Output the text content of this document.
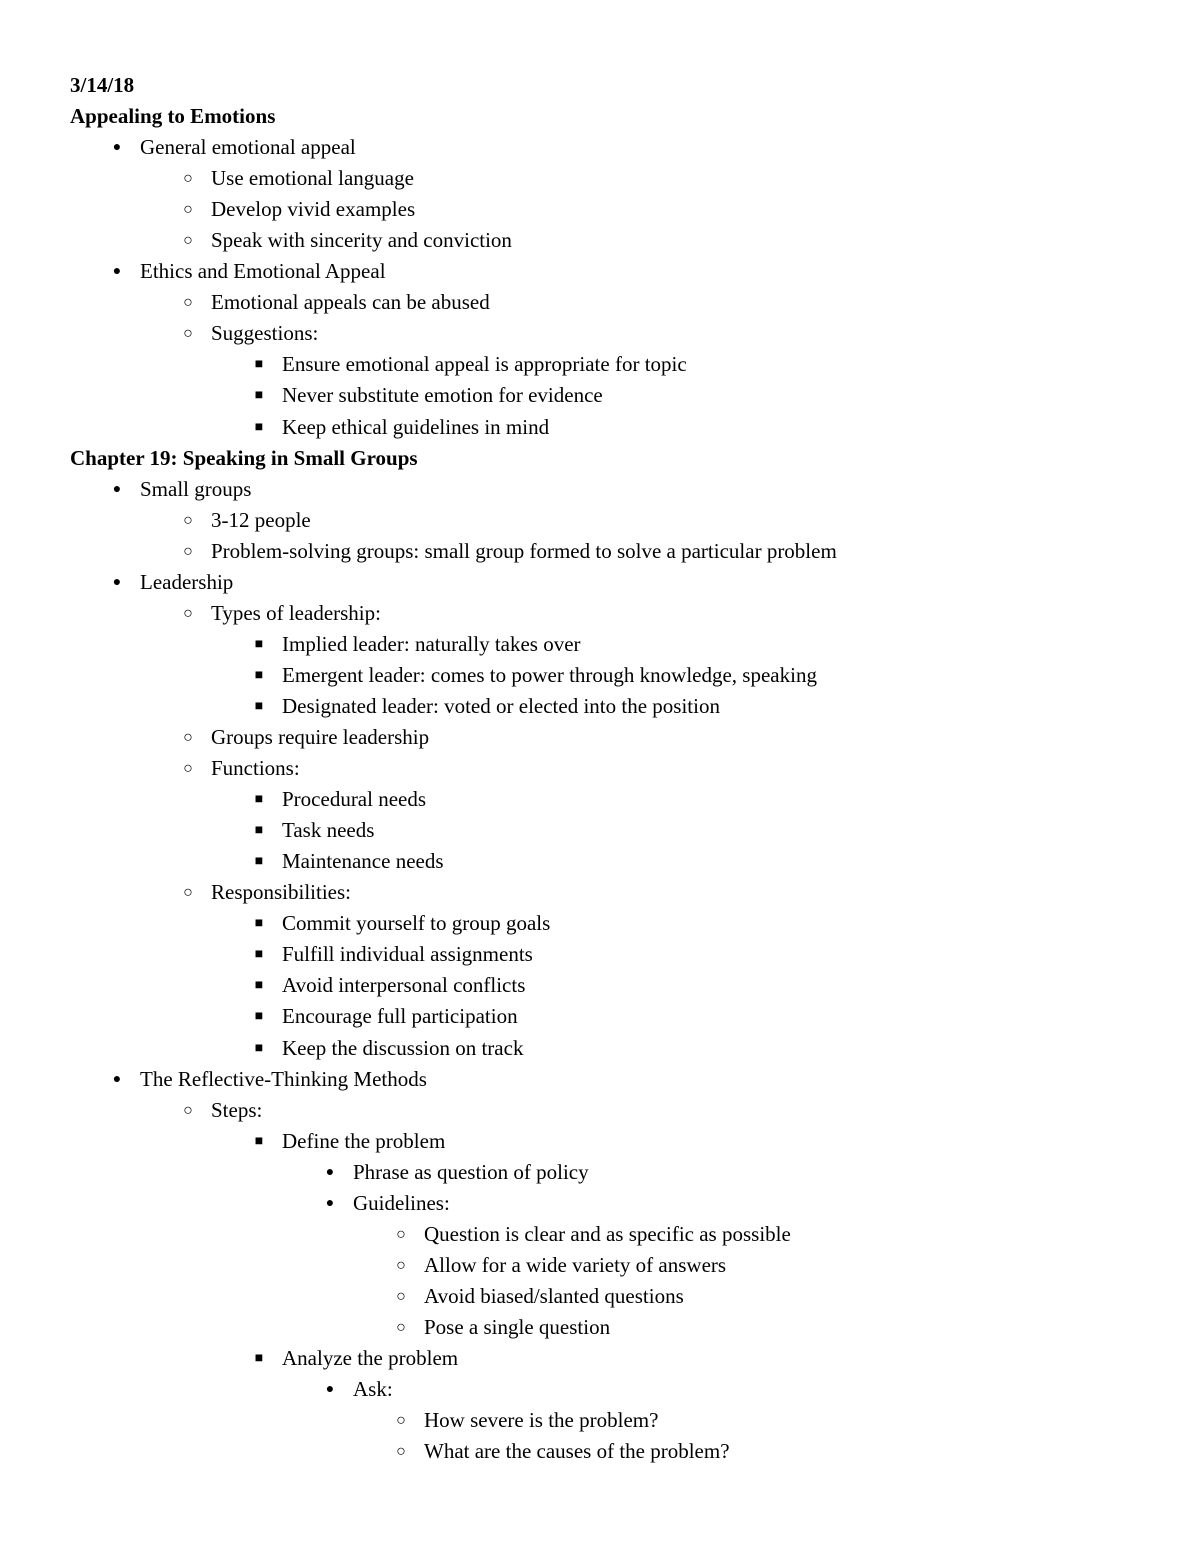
3/14/18
Appealing to Emotions
● General emotional appeal
○ Use emotional language
○ Develop vivid examples
○ Speak with sincerity and conviction
● Ethics and Emotional Appeal
○ Emotional appeals can be abused
○ Suggestions:
■ Ensure emotional appeal is appropriate for topic
■ Never substitute emotion for evidence
■ Keep ethical guidelines in mind
Chapter 19: Speaking in Small Groups
● Small groups
○ 3-12 people
○ Problem-solving groups: small group formed to solve a particular problem
● Leadership
○ Types of leadership:
■ Implied leader: naturally takes over
■ Emergent leader: comes to power through knowledge, speaking
■ Designated leader: voted or elected into the position
○ Groups require leadership
○ Functions:
■ Procedural needs
■ Task needs
■ Maintenance needs
○ Responsibilities:
■ Commit yourself to group goals
■ Fulfill individual assignments
■ Avoid interpersonal conflicts
■ Encourage full participation
■ Keep the discussion on track
● The Reflective-Thinking Methods
○ Steps:
■ Define the problem
● Phrase as question of policy
● Guidelines:
○ Question is clear and as specific as possible
○ Allow for a wide variety of answers
○ Avoid biased/slanted questions
○ Pose a single question
■ Analyze the problem
● Ask:
○ How severe is the problem?
○ What are the causes of the problem?
